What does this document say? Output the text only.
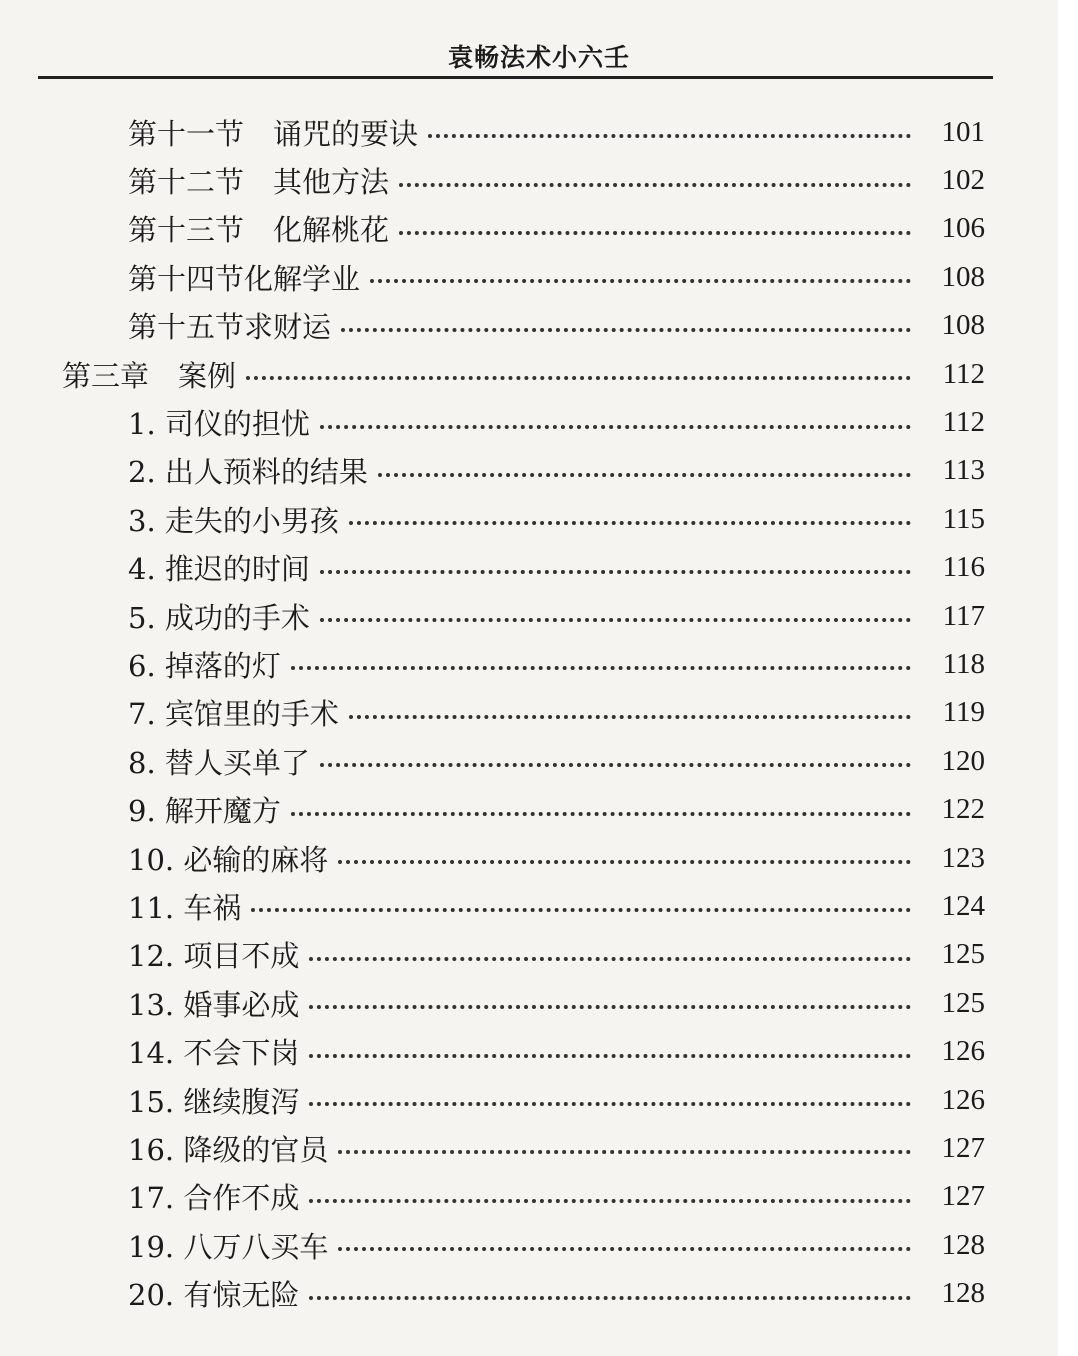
袁畅法术小六壬
第十一节　诵咒的要诀	101
第十二节　其他方法	102
第十三节　化解桃花	106
第十四节化解学业	108
第十五节求财运	108
第三章　案例	112
1. 司仪的担忧	112
2. 出人预料的结果	113
3. 走失的小男孩	115
4. 推迟的时间	116
5. 成功的手术	117
6. 掉落的灯	118
7. 宾馆里的手术	119
8. 替人买单了	120
9. 解开魔方	122
10. 必输的麻将	123
11. 车祸	124
12. 项目不成	125
13. 婚事必成	125
14. 不会下岗	126
15. 继续腹泻	126
16. 降级的官员	127
17. 合作不成	127
19. 八万八买车	128
20. 有惊无险	128
